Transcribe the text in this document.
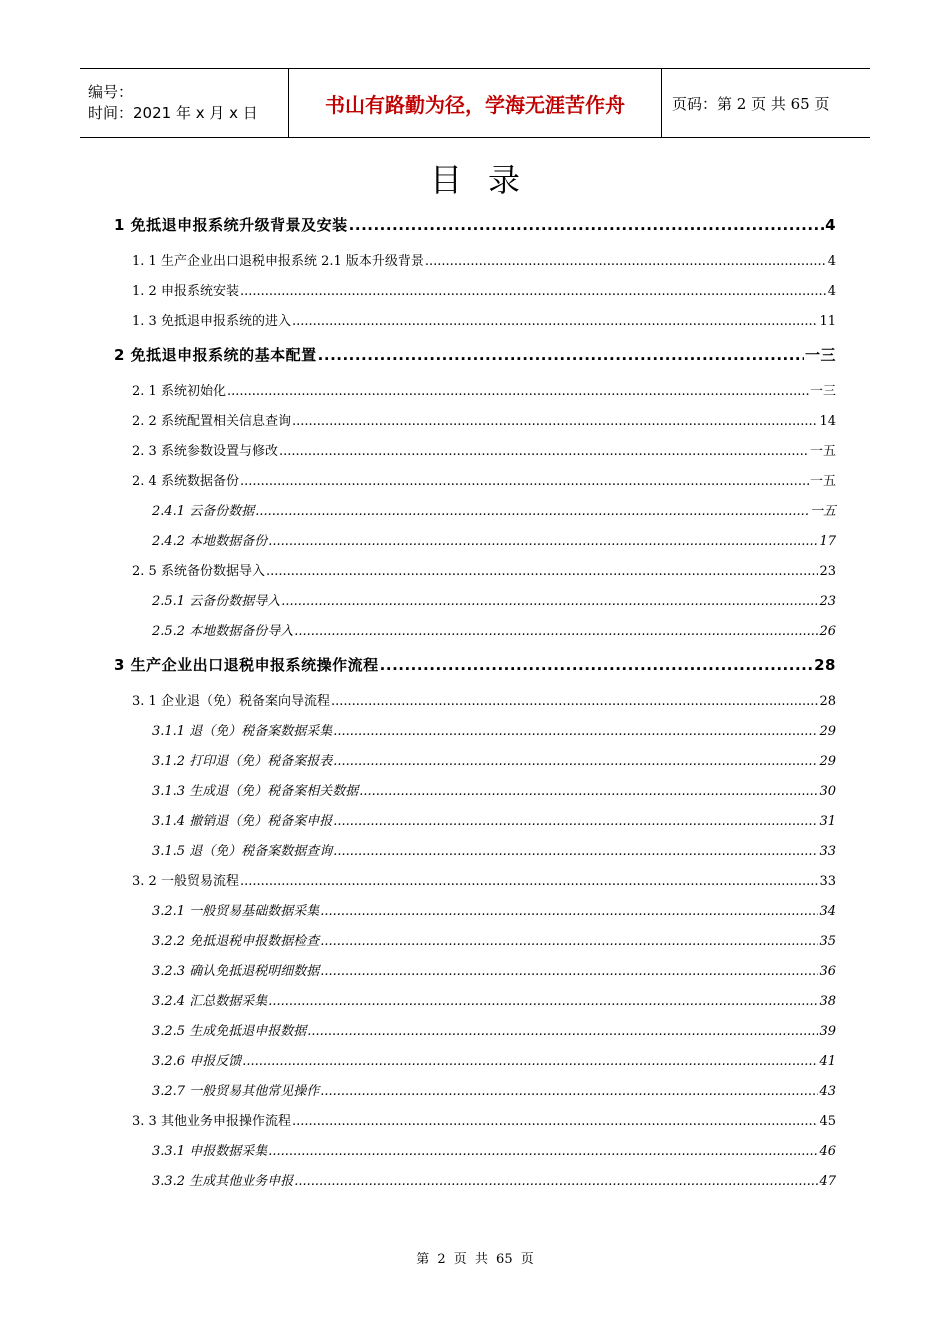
编号：
时间：2021 年 x 月 x 日	书山有路勤为径，学海无涯苦作舟	页码：第 2 页 共 65 页
目录
1 免抵退申报系统升级背景及安装 .....	4
1. 1 生产企业出口退税申报系统 2.1 版本升级背景 .....	4
1. 2 申报系统安装 .....	4
1. 3 免抵退申报系统的进入 .....	11
2 免抵退申报系统的基本配置 .....	一三
2. 1 系统初始化 .....	一三
2. 2 系统配置相关信息查询 .....	14
2. 3 系统参数设置与修改 .....	一五
2. 4 系统数据备份 .....	一五
2.4.1 云备份数据 .....	一五
2.4.2 本地数据备份 .....	17
2. 5 系统备份数据导入 .....	23
2.5.1 云备份数据导入 .....	23
2.5.2 本地数据备份导入 .....	26
3 生产企业出口退税申报系统操作流程 .....	28
3. 1 企业退（免）税备案向导流程 .....	28
3.1.1 退（免）税备案数据采集 .....	29
3.1.2 打印退（免）税备案报表 .....	29
3.1.3 生成退（免）税备案相关数据 .....	30
3.1.4 撤销退（免）税备案申报 .....	31
3.1.5 退（免）税备案数据查询 .....	33
3. 2 一般贸易流程 .....	33
3.2.1 一般贸易基础数据采集 .....	34
3.2.2 免抵退税申报数据检查 .....	35
3.2.3 确认免抵退税明细数据 .....	36
3.2.4 汇总数据采集 .....	38
3.2.5 生成免抵退申报数据 .....	39
3.2.6 申报反馈 .....	41
3.2.7 一般贸易其他常见操作 .....	43
3. 3 其他业务申报操作流程 .....	45
3.3.1 申报数据采集 .....	46
3.3.2 生成其他业务申报 .....	47
第 2 页 共 65 页
